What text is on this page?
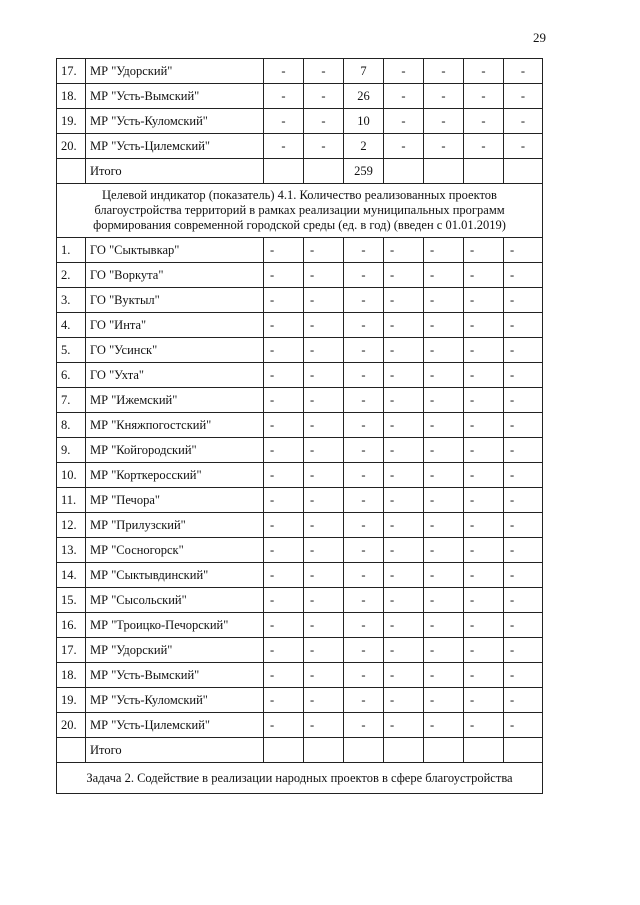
29
17.	МР "Удорский"	-	-	7	-	-	-	-
18.	МР "Усть-Вымский"	-	-	26	-	-	-	-
19.	МР "Усть-Куломский"	-	-	10	-	-	-	-
20.	МР "Усть-Цилемский"	-	-	2	-	-	-	-
	Итого			259				
Целевой индикатор (показатель) 4.1. Количество реализованных проектов благоустройства территорий в рамках реализации муниципальных программ формирования современной городской среды (ед. в год) (введен с 01.01.2019)								
1.	ГО "Сыктывкар"	-	-	-	-	-	-	-
2.	ГО "Воркута"	-	-	-	-	-	-	-
3.	ГО "Вуктыл"	-	-	-	-	-	-	-
4.	ГО "Инта"	-	-	-	-	-	-	-
5.	ГО "Усинск"	-	-	-	-	-	-	-
6.	ГО "Ухта"	-	-	-	-	-	-	-
7.	МР "Ижемский"	-	-	-	-	-	-	-
8.	МР "Княжпогостский"	-	-	-	-	-	-	-
9.	МР "Койгородский"	-	-	-	-	-	-	-
10.	МР "Корткеросский"	-	-	-	-	-	-	-
11.	МР "Печора"	-	-	-	-	-	-	-
12.	МР "Прилузский"	-	-	-	-	-	-	-
13.	МР "Сосногорск"	-	-	-	-	-	-	-
14.	МР "Сыктывдинский"	-	-	-	-	-	-	-
15.	МР "Сысольский"	-	-	-	-	-	-	-
16.	МР "Троицко-Печорский"	-	-	-	-	-	-	-
17.	МР "Удорский"	-	-	-	-	-	-	-
18.	МР "Усть-Вымский"	-	-	-	-	-	-	-
19.	МР "Усть-Куломский"	-	-	-	-	-	-	-
20.	МР "Усть-Цилемский"	-	-	-	-	-	-	-
	Итого							
Задача 2. Содействие в реализации народных проектов в сфере благоустройства								
